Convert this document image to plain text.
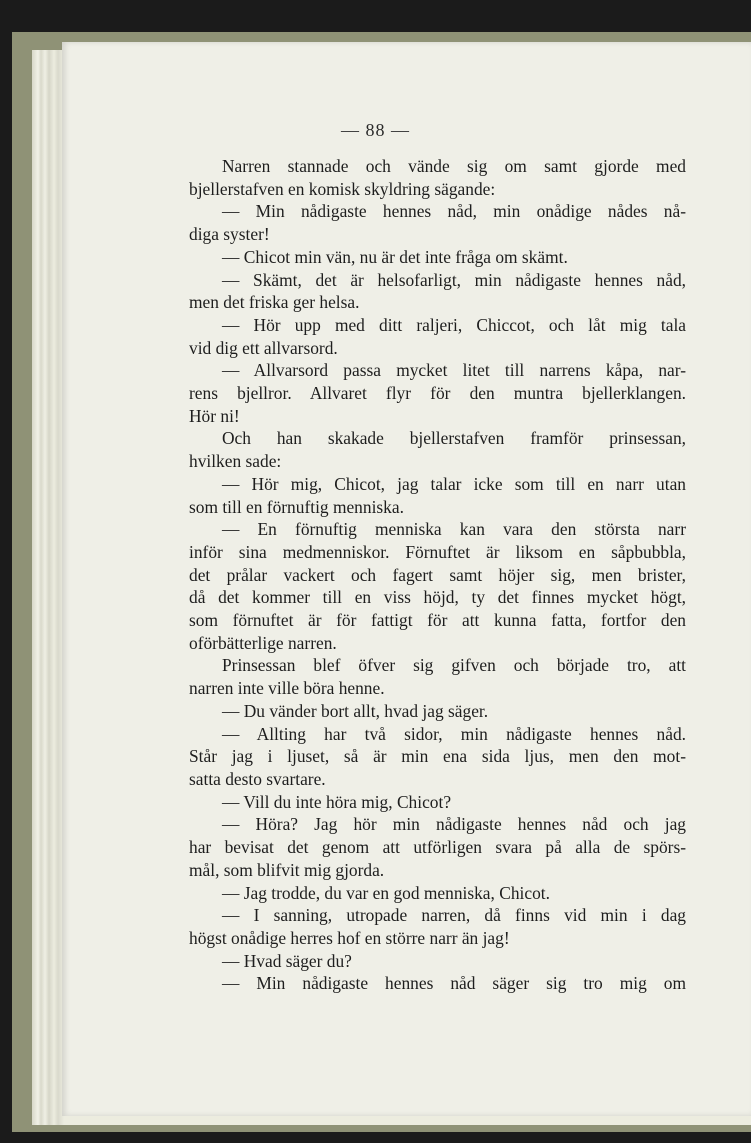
— 88 —
Narren stannade och vände sig om samt gjorde med
bjellerstafven en komisk skyldring sägande:
— Min nådigaste hennes nåd, min onådige nådes nå-
diga syster!
— Chicot min vän, nu är det inte fråga om skämt.
— Skämt, det är helsofarligt, min nådigaste hennes nåd,
men det friska ger helsa.
— Hör upp med ditt raljeri, Chiccot, och låt mig tala
vid dig ett allvarsord.
— Allvarsord passa mycket litet till narrens kåpa, nar-
rens bjellror. Allvaret flyr för den muntra bjellerklangen.
Hör ni!
Och han skakade bjellerstafven framför prinsessan,
hvilken sade:
— Hör mig, Chicot, jag talar icke som till en narr utan
som till en förnuftig menniska.
— En förnuftig menniska kan vara den största narr
inför sina medmenniskor. Förnuftet är liksom en såpbubbla,
det prålar vackert och fagert samt höjer sig, men brister,
då det kommer till en viss höjd, ty det finnes mycket högt,
som förnuftet är för fattigt för att kunna fatta, fortfor den
oförbätterlige narren.
Prinsessan blef öfver sig gifven och började tro, att
narren inte ville böra henne.
— Du vänder bort allt, hvad jag säger.
— Allting har två sidor, min nådigaste hennes nåd.
Står jag i ljuset, så är min ena sida ljus, men den mot-
satta desto svartare.
— Vill du inte höra mig, Chicot?
— Höra? Jag hör min nådigaste hennes nåd och jag
har bevisat det genom att utförligen svara på alla de spörs-
mål, som blifvit mig gjorda.
— Jag trodde, du var en god menniska, Chicot.
— I sanning, utropade narren, då finns vid min i dag
högst onådige herres hof en större narr än jag!
— Hvad säger du?
— Min nådigaste hennes nåd säger sig tro mig om
